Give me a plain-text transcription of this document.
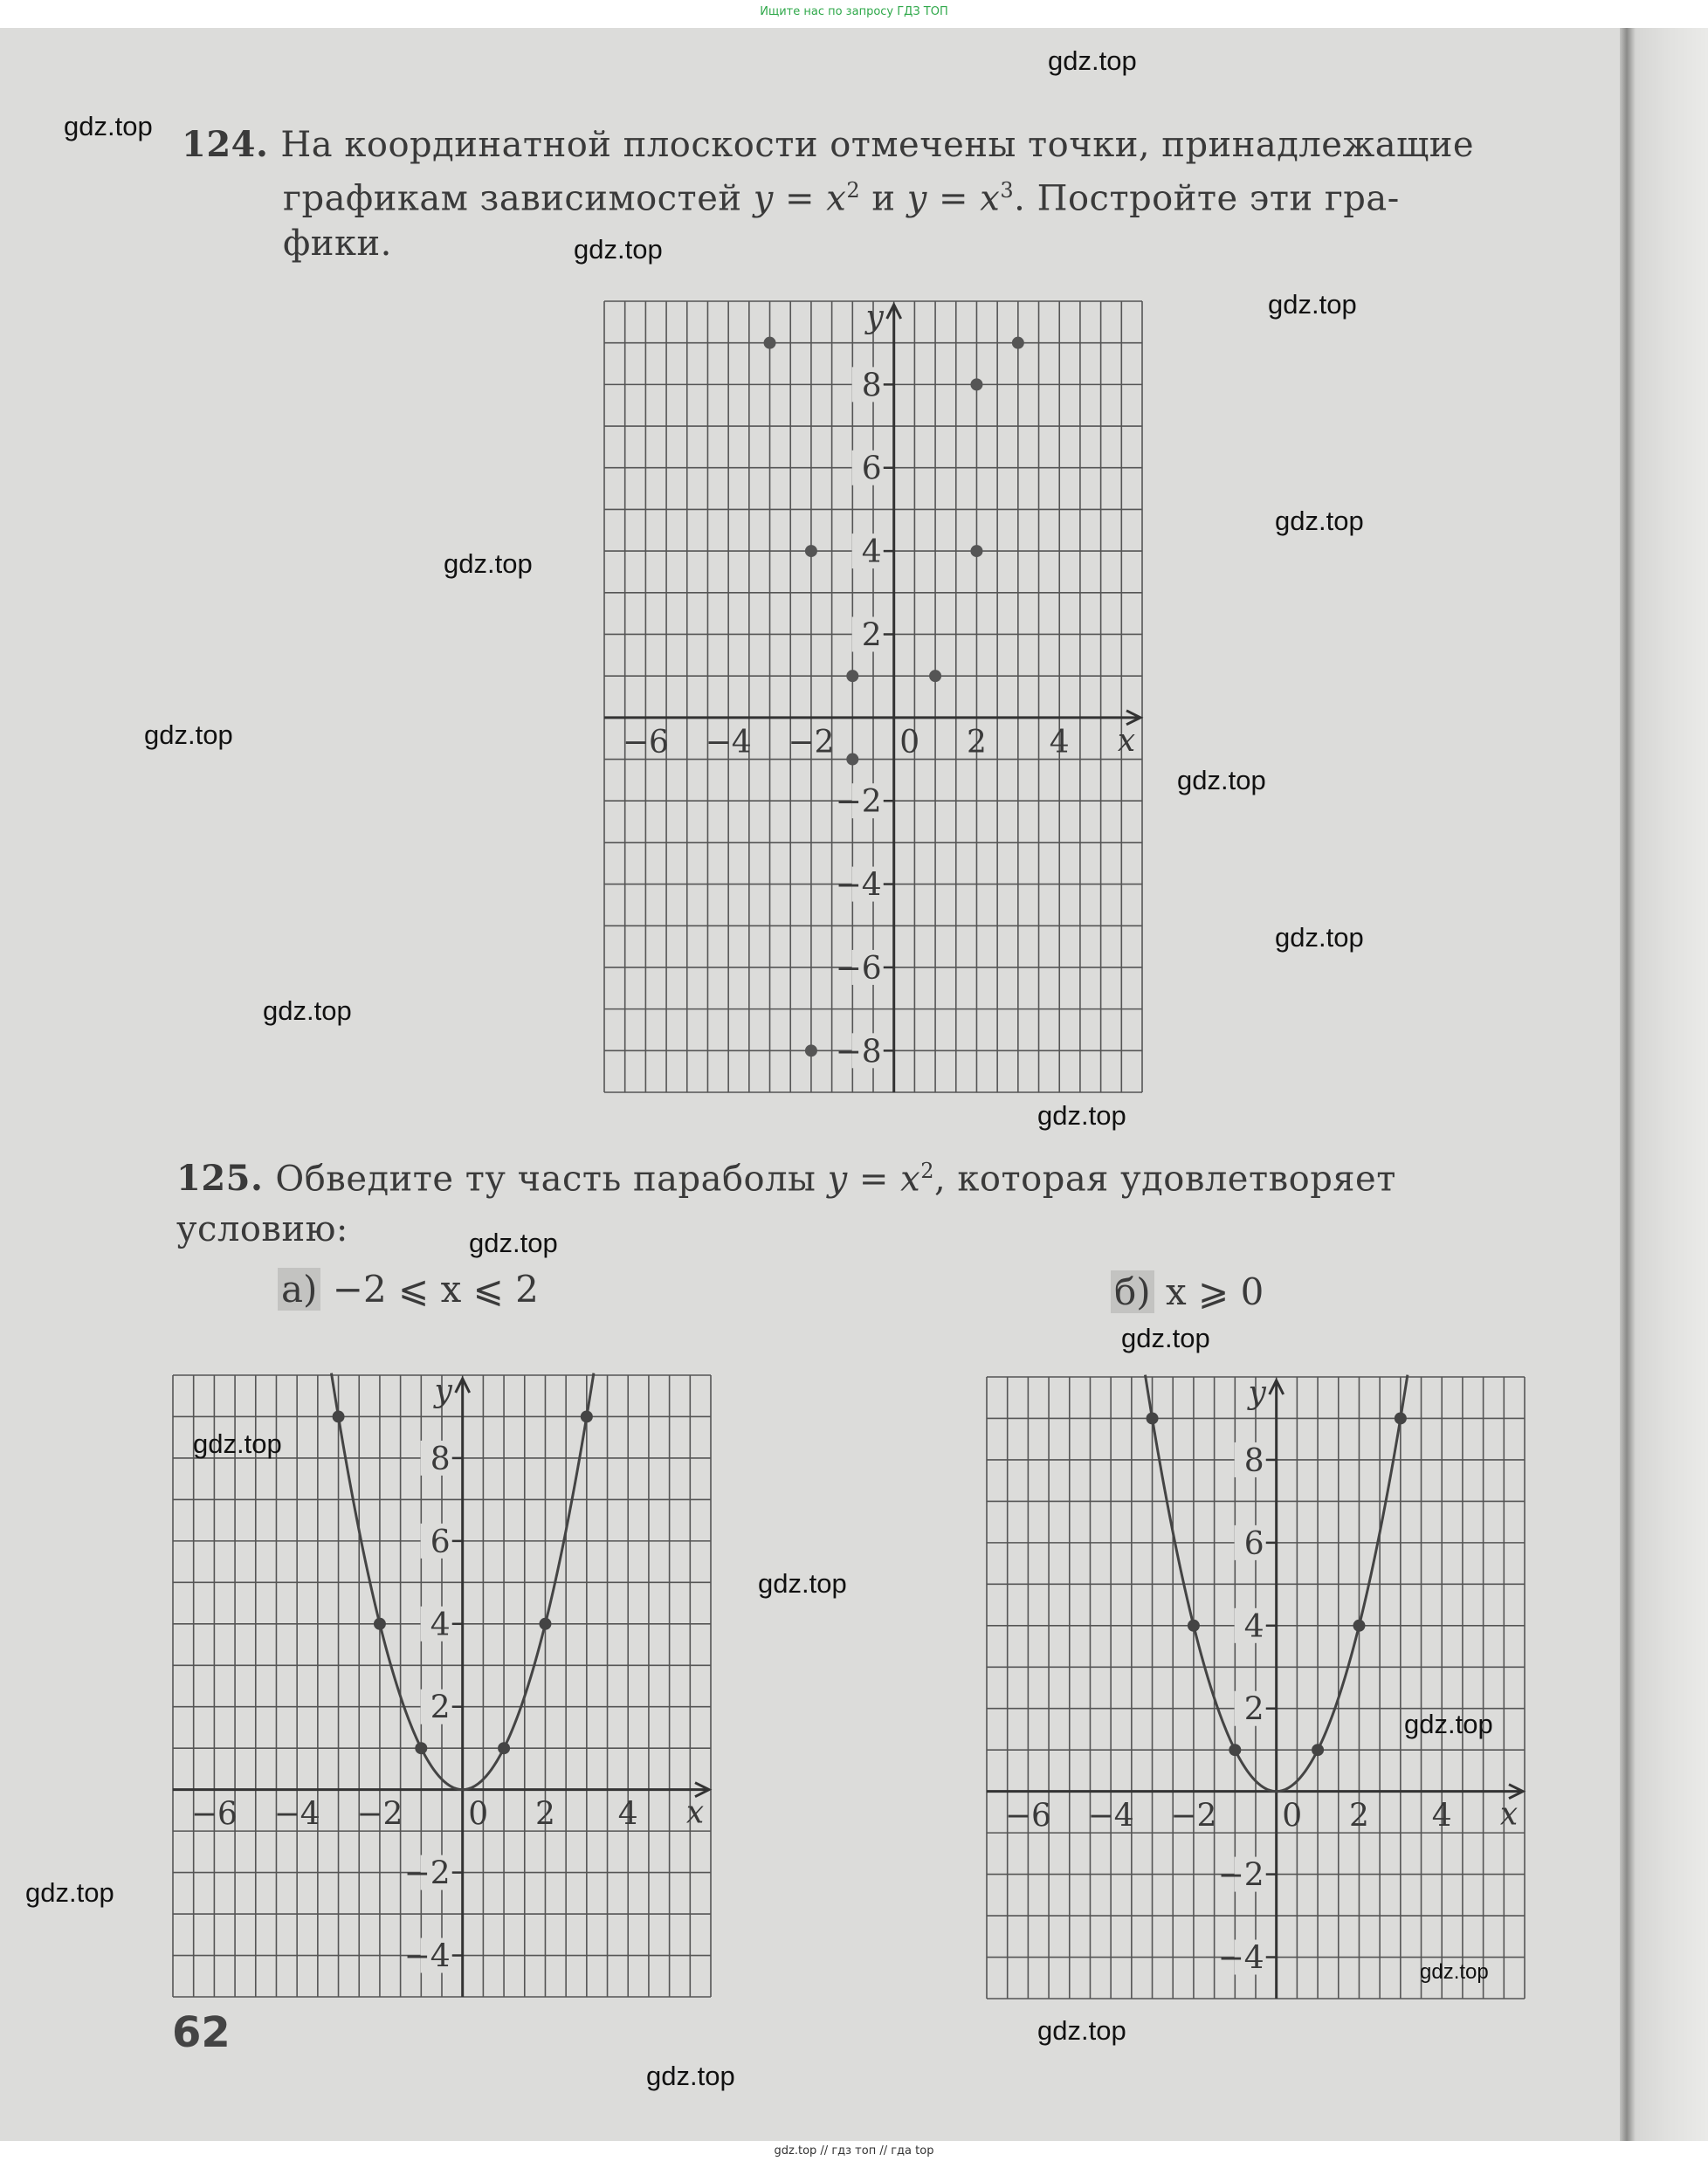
Ищите нас по запросу ГДЗ ТОП
124. На координатной плоскости отмечены точки, принадлежащие
графикам зависимостей $y = x^2$ и $y = x^3$. Постройте эти гра-
фики.
−6 −4 −2 0 2 4
−8
−6
−4
−2
2
4
6
8
x
y
125. Обведите ту часть параболы $y = x^2$, которая удовлетворяет
условию:
а) −2 ⩽ x ⩽ 2	б) x ⩾ 0
−6 −4 −2 0 2 4
−4
−2
2
4
6
8
x
y
−6 −4 −2 0 2 4
−4
−2
2
4
6
8
x
y
62
gdz.top
gdz.top
gdz.top
gdz.top
gdz.top
gdz.top
gdz.top
gdz.top
gdz.top
gdz.top
gdz.top
gdz.top
gdz.top
gdz.top
gdz.top
gdz.top
gdz.top
gdz.top
gdz.top
gdz.top
gdz.top // гдз топ // гда top
